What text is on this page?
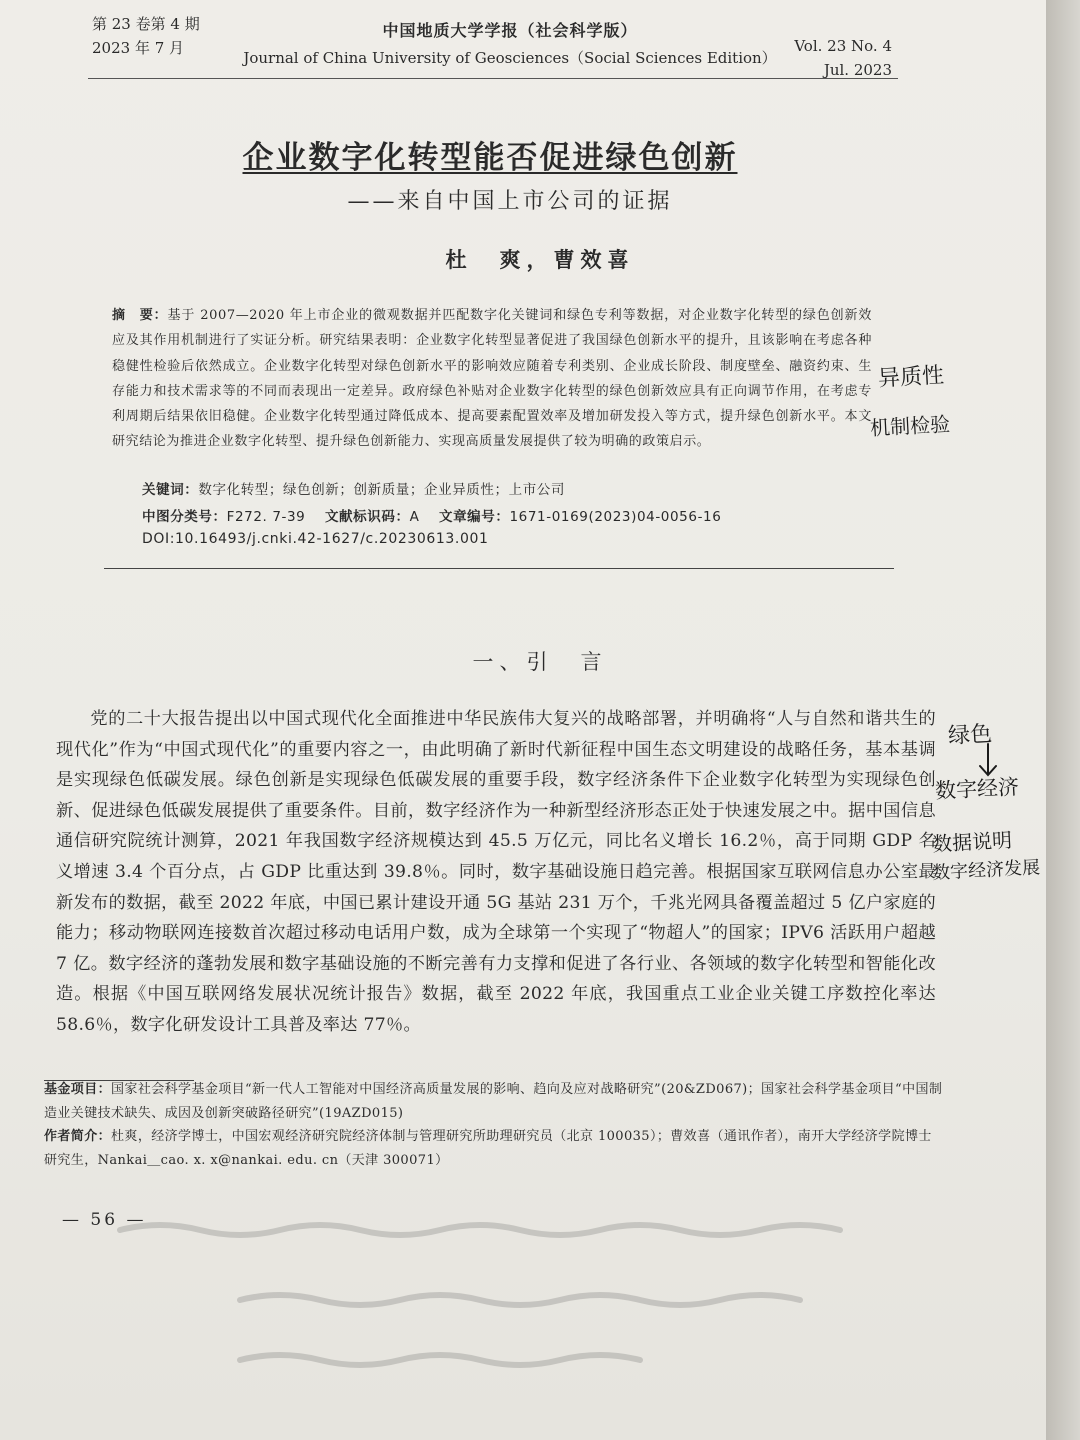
第 23 卷第 4 期
2023 年 7 月
中国地质大学学报（社会科学版）
Journal of China University of Geosciences（Social Sciences Edition）
Vol. 23 No. 4
Jul. 2023
企业数字化转型能否促进绿色创新
——来自中国上市公司的证据
杜　爽，曹效喜
摘　要：基于 2007—2020 年上市企业的微观数据并匹配数字化关键词和绿色专利等数据，对企业数字化转型的绿色创新效应及其作用机制进行了实证分析。研究结果表明：企业数字化转型显著促进了我国绿色创新水平的提升，且该影响在考虑各种稳健性检验后依然成立。企业数字化转型对绿色创新水平的影响效应随着专利类别、企业成长阶段、制度壁垒、融资约束、生存能力和技术需求等的不同而表现出一定差异。政府绿色补贴对企业数字化转型的绿色创新效应具有正向调节作用，在考虑专利周期后结果依旧稳健。企业数字化转型通过降低成本、提高要素配置效率及增加研发投入等方式，提升绿色创新水平。本文研究结论为推进企业数字化转型、提升绿色创新能力、实现高质量发展提供了较为明确的政策启示。
关键词：数字化转型；绿色创新；创新质量；企业异质性；上市公司
中图分类号：F272. 7-39 文献标识码：A 文章编号：1671-0169(2023)04-0056-16
DOI:10.16493/j.cnki.42-1627/c.20230613.001
一、引　言

党的二十大报告提出以中国式现代化全面推进中华民族伟大复兴的战略部署，并明确将“人与自然和谐共生的现代化”作为“中国式现代化”的重要内容之一，由此明确了新时代新征程中国生态文明建设的战略任务，基本基调是实现绿色低碳发展。绿色创新是实现绿色低碳发展的重要手段，数字经济条件下企业数字化转型为实现绿色创新、促进绿色低碳发展提供了重要条件。目前，数字经济作为一种新型经济形态正处于快速发展之中。据中国信息通信研究院统计测算，2021 年我国数字经济规模达到 45.5 万亿元，同比名义增长 16.2％，高于同期 GDP 名义增速 3.4 个百分点，占 GDP 比重达到 39.8％。同时，数字基础设施日趋完善。根据国家互联网信息办公室最新发布的数据，截至 2022 年底，中国已累计建设开通 5G 基站 231 万个，千兆光网具备覆盖超过 5 亿户家庭的能力；移动物联网连接数首次超过移动电话用户数，成为全球第一个实现了“物超人”的国家；IPV6 活跃用户超越 7 亿。数字经济的蓬勃发展和数字基础设施的不断完善有力支撑和促进了各行业、各领域的数字化转型和智能化改造。根据《中国互联网络发展状况统计报告》数据，截至 2022 年底，我国重点工业企业关键工序数控化率达 58.6％，数字化研发设计工具普及率达 77％。

基金项目：国家社会科学基金项目“新一代人工智能对中国经济高质量发展的影响、趋向及应对战略研究”(20&ZD067)；国家社会科学基金项目“中国制造业关键技术缺失、成因及创新突破路径研究”(19AZD015)
作者简介：杜爽，经济学博士，中国宏观经济研究院经济体制与管理研究所助理研究员（北京 100035）；曹效喜（通讯作者），南开大学经济学院博士研究生，Nankai＿cao. x. x@nankai. edu. cn（天津 300071）
— 56 —
异质性
机制检验
绿色
数字经济
数据说明
数字经济发展
